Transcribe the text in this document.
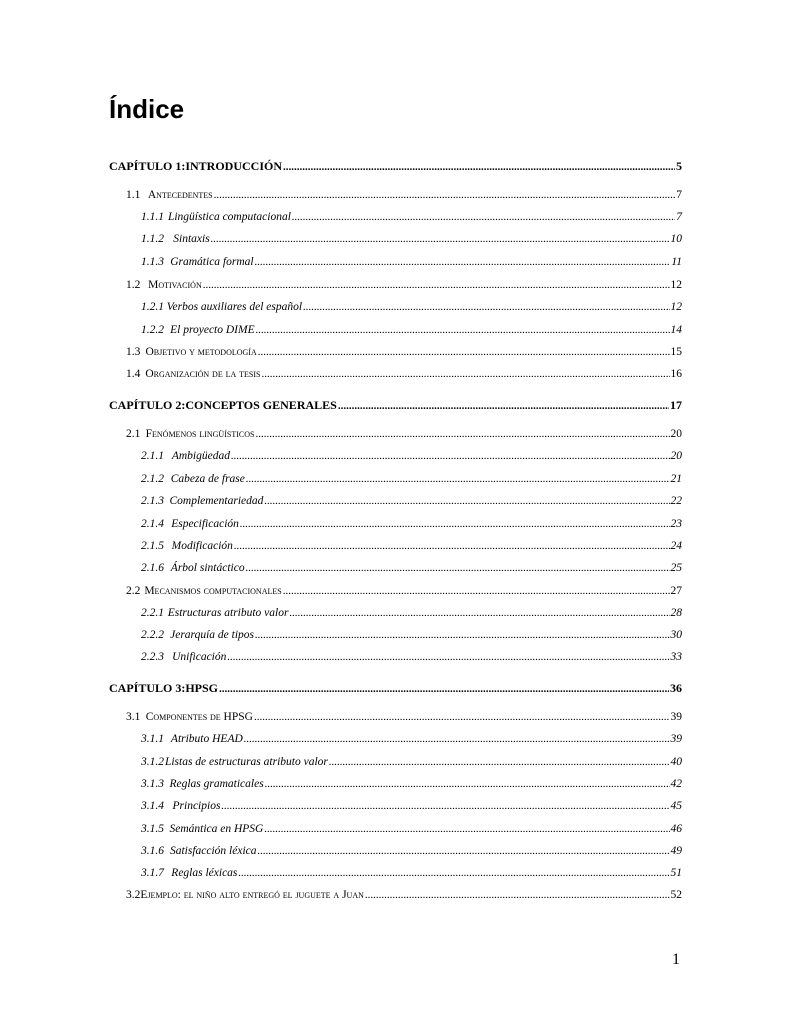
Índice
CAPÍTULO 1: INTRODUCCIÓN .....	5
1.1 Antecedentes .....	7
1.1.1 Lingüística computacional .....	7
1.1.2 Sintaxis .....	10
1.1.3 Gramática formal .....	11
1.2 Motivación .....	12
1.2.1 Verbos auxiliares del español .....	12
1.2.2 El proyecto DIME .....	14
1.3 Objetivo y metodología .....	15
1.4 Organización de la tesis .....	16
CAPÍTULO 2: CONCEPTOS GENERALES .....	17
2.1 Fenómenos lingüísticos .....	20
2.1.1 Ambigüedad .....	20
2.1.2 Cabeza de frase .....	21
2.1.3 Complementariedad .....	22
2.1.4 Especificación .....	23
2.1.5 Modificación .....	24
2.1.6 Árbol sintáctico .....	25
2.2 Mecanismos computacionales .....	27
2.2.1 Estructuras atributo valor .....	28
2.2.2 Jerarquía de tipos .....	30
2.2.3 Unificación .....	33
CAPÍTULO 3: HPSG .....	36
3.1 Componentes de HPSG .....	39
3.1.1 Atributo HEAD .....	39
3.1.2 Listas de estructuras atributo valor .....	40
3.1.3 Reglas gramaticales .....	42
3.1.4 Principios .....	45
3.1.5 Semántica en HPSG .....	46
3.1.6 Satisfacción léxica .....	49
3.1.7 Reglas léxicas .....	51
3.2 Ejemplo: el niño alto entregó el juguete a Juan .....	52
1
